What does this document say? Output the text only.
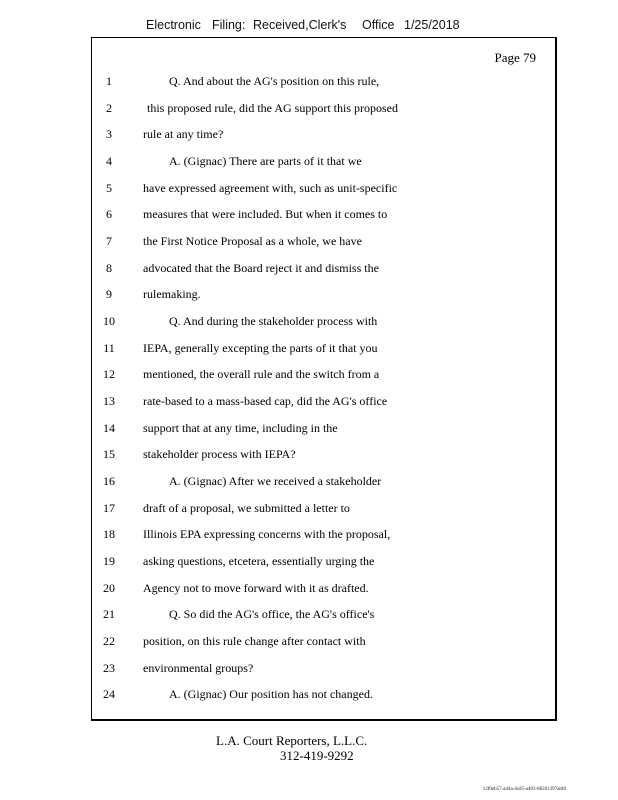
Electronic Filing: Received,Clerk's Office 1/25/2018
Page 79
1	Q. And about the AG's position on this rule,
2	this proposed rule, did the AG support this proposed
3	rule at any time?
4	A. (Gignac) There are parts of it that we
5	have expressed agreement with, such as unit-specific
6	measures that were included. But when it comes to
7	the First Notice Proposal as a whole, we have
8	advocated that the Board reject it and dismiss the
9	rulemaking.
10	Q. And during the stakeholder process with
11	IEPA, generally excepting the parts of it that you
12	mentioned, the overall rule and the switch from a
13	rate-based to a mass-based cap, did the AG's office
14	support that at any time, including in the
15	stakeholder process with IEPA?
16	A. (Gignac) After we received a stakeholder
17	draft of a proposal, we submitted a letter to
18	Illinois EPA expressing concerns with the proposal,
19	asking questions, etcetera, essentially urging the
20	Agency not to move forward with it as drafted.
21	Q. So did the AG's office, the AG's office's
22	position, on this rule change after contact with
23	environmental groups?
24	A. (Gignac) Our position has not changed.
L.A. Court Reporters, L.L.C.
312-419-9292
12f0eb57-a44a-4cd5-a403-88261397abfd
